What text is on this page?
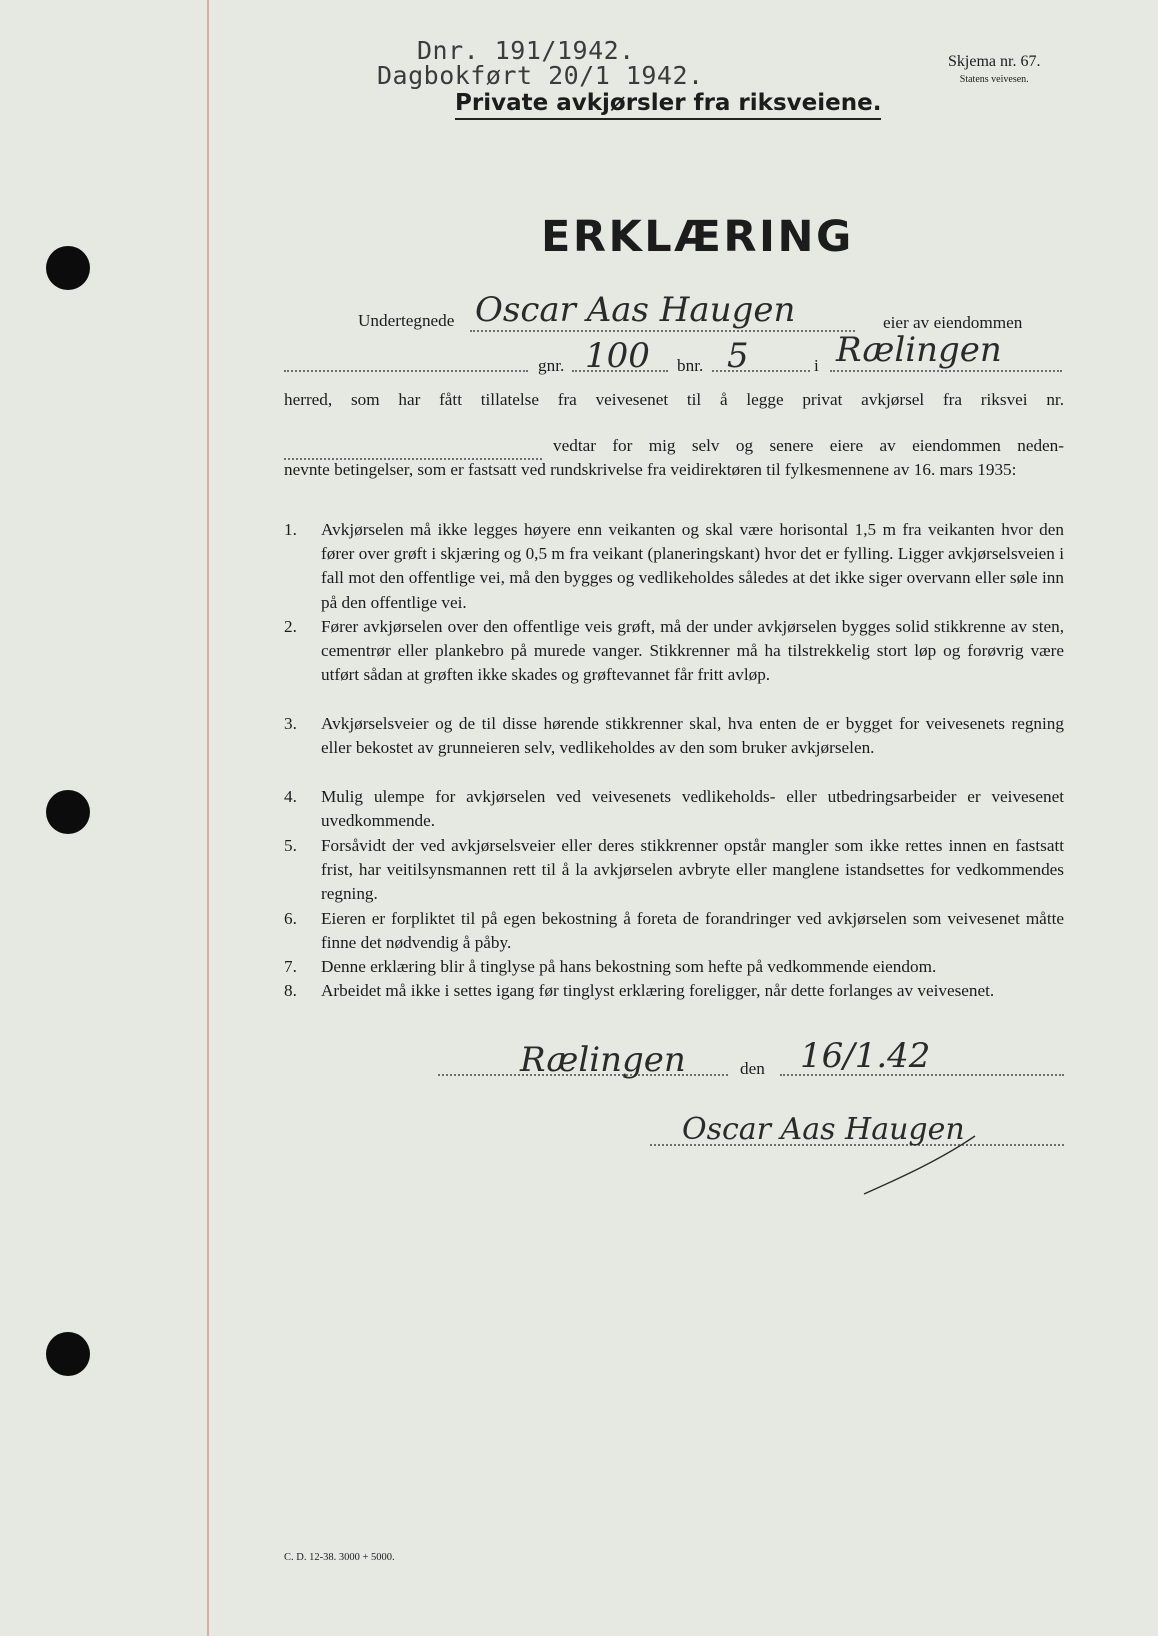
Dnr. 191/1942.
Dagbokført 20/1 1942.
Private avkjørsler fra riksveiene.
Skjema nr. 67.
Statens veivesen.
ERKLÆRING
Undertegnede Oscar Aas Haugen	eier av eiendommen
gnr. 100 bnr. 5	i Rælingen
herred, som har fått tillatelse fra veivesenet til å legge privat avkjørsel fra riksvei nr.
vedtar for mig selv og senere eiere av eiendommen neden-
nevnte betingelser, som er fastsatt ved rundskrivelse fra veidirektøren til fylkesmennene av 16. mars 1935:
1.	Avkjørselen må ikke legges høyere enn veikanten og skal være horisontal 1,5 m fra veikanten hvor den fører over grøft i skjæring og 0,5 m fra veikant (planeringskant) hvor det er fylling. Ligger avkjørselsveien i fall mot den offentlige vei, må den bygges og vedlikeholdes således at det ikke siger overvann eller søle inn på den offentlige vei.
2.	Fører avkjørselen over den offentlige veis grøft, må der under avkjørselen bygges solid stikkrenne av sten, cementrør eller plankebro på murede vanger. Stikkrenner må ha tilstrekkelig stort løp og forøvrig være utført sådan at grøften ikke skades og grøftevannet får fritt avløp.
3.	Avkjørselsveier og de til disse hørende stikkrenner skal, hva enten de er bygget for veivesenets regning eller bekostet av grunneieren selv, vedlikeholdes av den som bruker avkjørselen.
4.	Mulig ulempe for avkjørselen ved veivesenets vedlikeholds- eller utbedringsarbeider er veivesenet uvedkommende.
5.	Forsåvidt der ved avkjørselsveier eller deres stikkrenner opstår mangler som ikke rettes innen en fastsatt frist, har veitilsynsmannen rett til å la avkjørselen avbryte eller manglene istandsettes for vedkommendes regning.
6.	Eieren er forpliktet til på egen bekostning å foreta de forandringer ved avkjørselen som veivesenet måtte finne det nødvendig å påby.
7.	Denne erklæring blir å tinglyse på hans bekostning som hefte på vedkommende eiendom.
8.	Arbeidet må ikke i settes igang før tinglyst erklæring foreligger, når dette forlanges av veivesenet.
Rælingen	den 16/1.42
Oscar Aas Haugen
C. D. 12-38. 3000 + 5000.
